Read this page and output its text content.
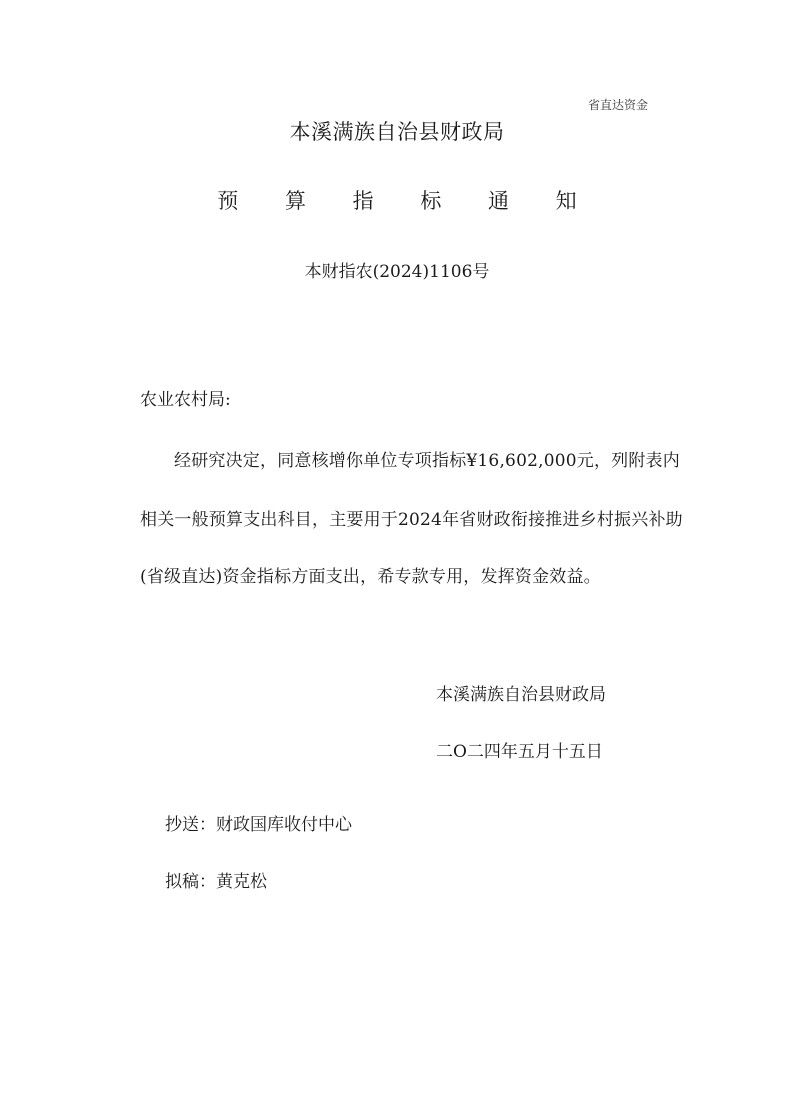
省直达资金
本溪满族自治县财政局
预 算 指 标 通 知
本财指农(2024)1106号
农业农村局:
经研究决定，同意核增你单位专项指标¥16,602,000元，列附表内
相关一般预算支出科目，主要用于2024年省财政衔接推进乡村振兴补助
(省级直达)资金指标方面支出，希专款专用，发挥资金效益。
本溪满族自治县财政局
二O二四年五月十五日
抄送：财政国库收付中心
拟稿：黄克松
